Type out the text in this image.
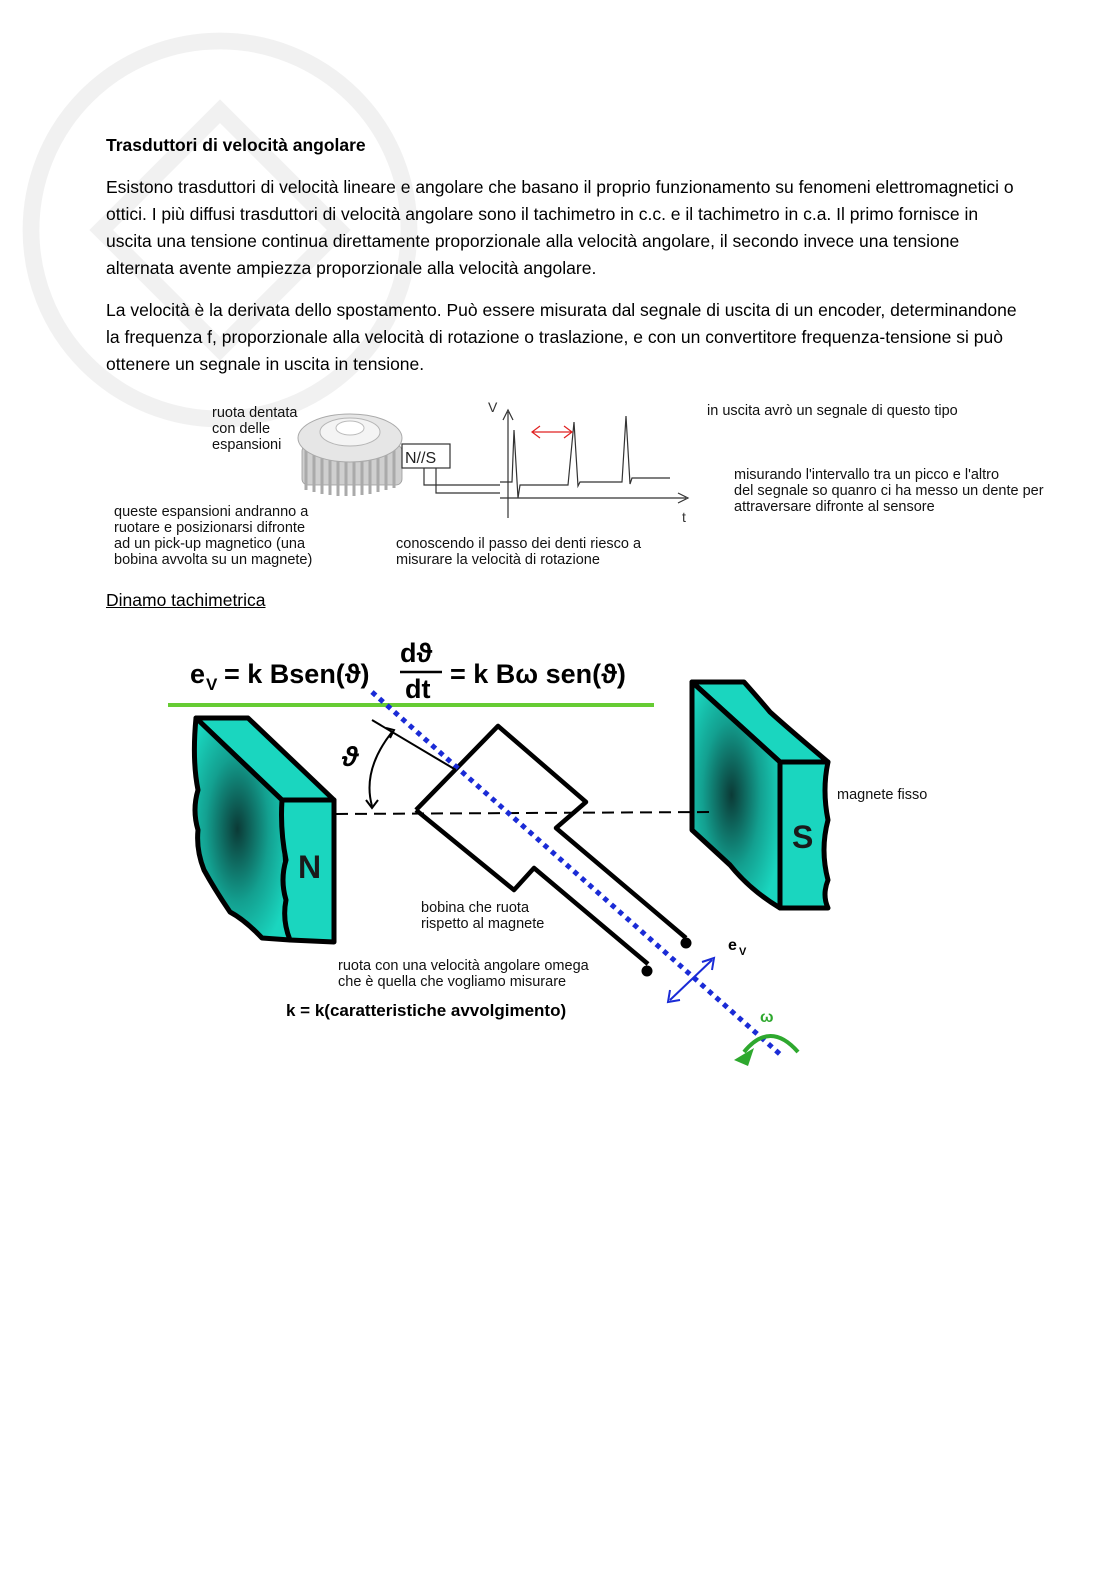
Trasduttori di velocità angolare

Esistono trasduttori di velocità lineare e angolare che basano il proprio funzionamento su fenomeni elettromagnetici o ottici. I più diffusi trasduttori di velocità angolare sono il tachimetro in c.c. e il tachimetro in c.a. Il primo fornisce in uscita una tensione continua direttamente proporzionale alla velocità angolare, il secondo invece una tensione alternata avente ampiezza proporzionale alla velocità angolare.

La velocità è la derivata dello spostamento. Può essere misurata dal segnale di uscita di un encoder, determinandone la frequenza f, proporzionale alla velocità di rotazione o traslazione, e con un convertitore frequenza-tensione si può ottenere un segnale in uscita in tensione.

ruota dentata
con delle
espansioni
queste espansioni andranno a
ruotare e posizionarsi difronte
ad un pick-up magnetico (una
bobina avvolta su un magnete)
conoscendo il passo dei denti riesco a
misurare la velocità di rotazione
in uscita avrò un segnale di questo tipo
misurando l'intervallo tra un picco e l'altro
del segnale so quanro ci ha messo un dente per
attraversare difronte al sensore
N//S
V
t
Dinamo tachimetrica
e V = k Bsen(ϑ)
dϑ
dt = k Bω sen(ϑ)
N
S
ϑ
ω
e V
k = k(caratteristiche avvolgimento)
magnete fisso
bobina che ruota
rispetto al magnete
ruota con una velocità angolare omega
che è quella che vogliamo misurare
